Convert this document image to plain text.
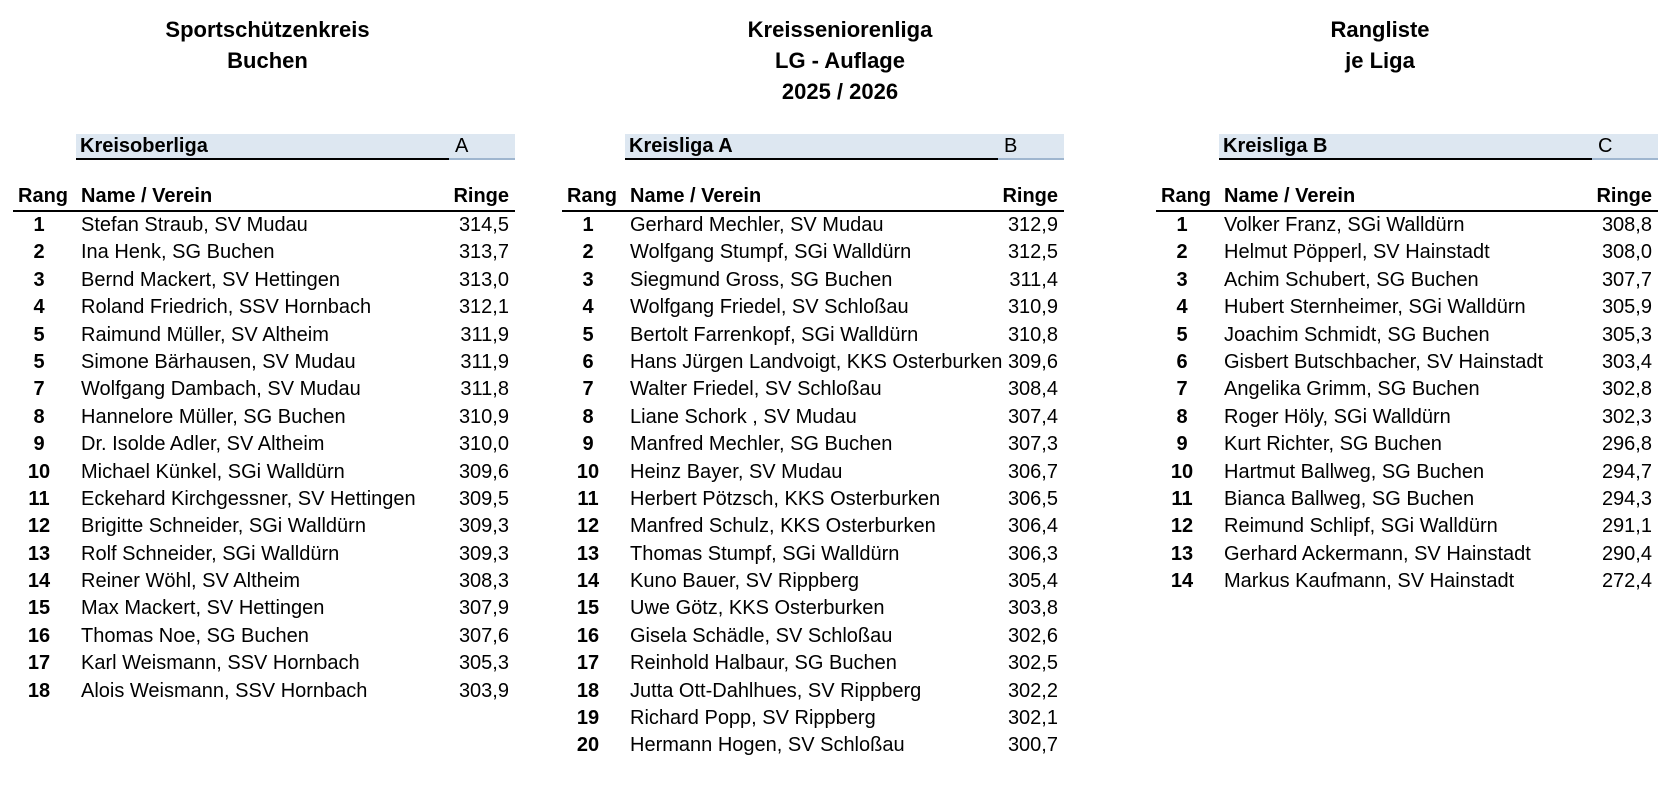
Sportschützenkreis
Buchen
Kreisseniorenliga
LG - Auflage
2025 / 2026
Rangliste
je Liga
Kreisoberliga	A
Rang Name / Verein	Ringe
1	Stefan Straub, SV Mudau	314,5
2	Ina Henk, SG Buchen	313,7
3	Bernd Mackert, SV Hettingen	313,0
4	Roland Friedrich, SSV Hornbach	312,1
5	Raimund Müller, SV Altheim	311,9
5	Simone Bärhausen, SV Mudau	311,9
7	Wolfgang Dambach, SV Mudau	311,8
8	Hannelore Müller, SG Buchen	310,9
9	Dr. Isolde Adler, SV Altheim	310,0
10	Michael Künkel, SGi Walldürn	309,6
11	Eckehard Kirchgessner, SV Hettingen 309,5
12	Brigitte Schneider, SGi Walldürn	309,3
13	Rolf Schneider, SGi Walldürn	309,3
14	Reiner Wöhl, SV Altheim	308,3
15	Max Mackert, SV Hettingen	307,9
16	Thomas Noe, SG Buchen	307,6
17	Karl Weismann, SSV Hornbach	305,3
18	Alois Weismann, SSV Hornbach	303,9
Kreisliga A	B
Rang Name / Verein	Ringe
1	Gerhard Mechler, SV Mudau	312,9
2	Wolfgang Stumpf, SGi Walldürn	312,5
3	Siegmund Gross, SG Buchen	311,4
4	Wolfgang Friedel, SV Schloßau	310,9
5	Bertolt Farrenkopf, SGi Walldürn	310,8
6	Hans Jürgen Landvoigt, KKS Osterburken 309,6
7	Walter Friedel, SV Schloßau	308,4
8	Liane Schork , SV Mudau	307,4
9	Manfred Mechler, SG Buchen	307,3
10	Heinz Bayer, SV Mudau	306,7
11	Herbert Pötzsch, KKS Osterburken	306,5
12	Manfred Schulz, KKS Osterburken	306,4
13	Thomas Stumpf, SGi Walldürn	306,3
14	Kuno Bauer, SV Rippberg	305,4
15	Uwe Götz, KKS Osterburken	303,8
16	Gisela Schädle, SV Schloßau	302,6
17	Reinhold Halbaur, SG Buchen	302,5
18	Jutta Ott-Dahlhues, SV Rippberg	302,2
19	Richard Popp, SV Rippberg	302,1
20	Hermann Hogen, SV Schloßau	300,7
Kreisliga B	C
Rang Name / Verein	Ringe
1	Volker Franz, SGi Walldürn	308,8
2	Helmut Pöpperl, SV Hainstadt	308,0
3	Achim Schubert, SG Buchen	307,7
4	Hubert Sternheimer, SGi Walldürn	305,9
5	Joachim Schmidt, SG Buchen	305,3
6	Gisbert Butschbacher, SV Hainstadt	303,4
7	Angelika Grimm, SG Buchen	302,8
8	Roger Höly, SGi Walldürn	302,3
9	Kurt Richter, SG Buchen	296,8
10	Hartmut Ballweg, SG Buchen	294,7
11	Bianca Ballweg, SG Buchen	294,3
12	Reimund Schlipf, SGi Walldürn	291,1
13	Gerhard Ackermann, SV Hainstadt	290,4
14	Markus Kaufmann, SV Hainstadt	272,4
